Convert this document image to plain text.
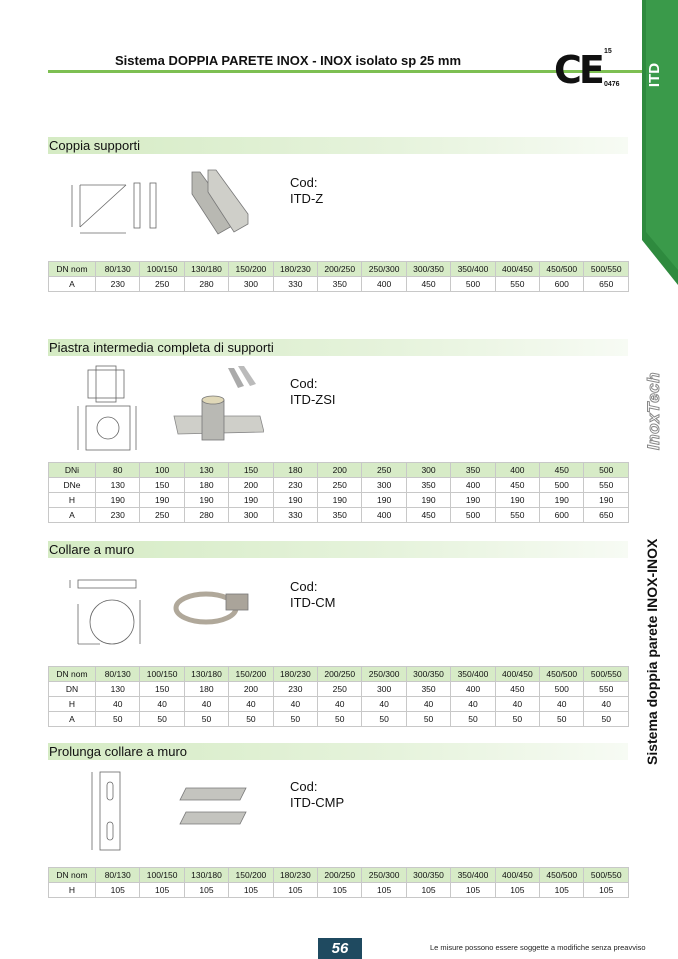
Sistema DOPPIA PARETE INOX - INOX isolato sp 25 mm	CE 15
0476 ITD
InoxTech
Sistema doppia parete INOX-INOX
Coppia supporti
Cod:
ITD-Z
DN nom	80/130	100/150	130/180	150/200	180/230	200/250	250/300	300/350	350/400	400/450	450/500	500/550
A	230	250	280	300	330	350	400	450	500	550	600	650
Piastra intermedia completa di supporti
Cod:
ITD-ZSI
DNi	80	100	130	150	180	200	250	300	350	400	450	500
DNe	130	150	180	200	230	250	300	350	400	450	500	550
H	190	190	190	190	190	190	190	190	190	190	190	190
A	230	250	280	300	330	350	400	450	500	550	600	650
Collare a muro
Cod:
ITD-CM
DN nom	80/130	100/150	130/180	150/200	180/230	200/250	250/300	300/350	350/400	400/450	450/500	500/550
DN	130	150	180	200	230	250	300	350	400	450	500	550
H	40	40	40	40	40	40	40	40	40	40	40	40
A	50	50	50	50	50	50	50	50	50	50	50	50
Prolunga collare a muro
Cod:
ITD-CMP
DN nom	80/130	100/150	130/180	150/200	180/230	200/250	250/300	300/350	350/400	400/450	450/500	500/550
H	105	105	105	105	105	105	105	105	105	105	105	105
56	Le misure possono essere soggette a modifiche senza preavviso
